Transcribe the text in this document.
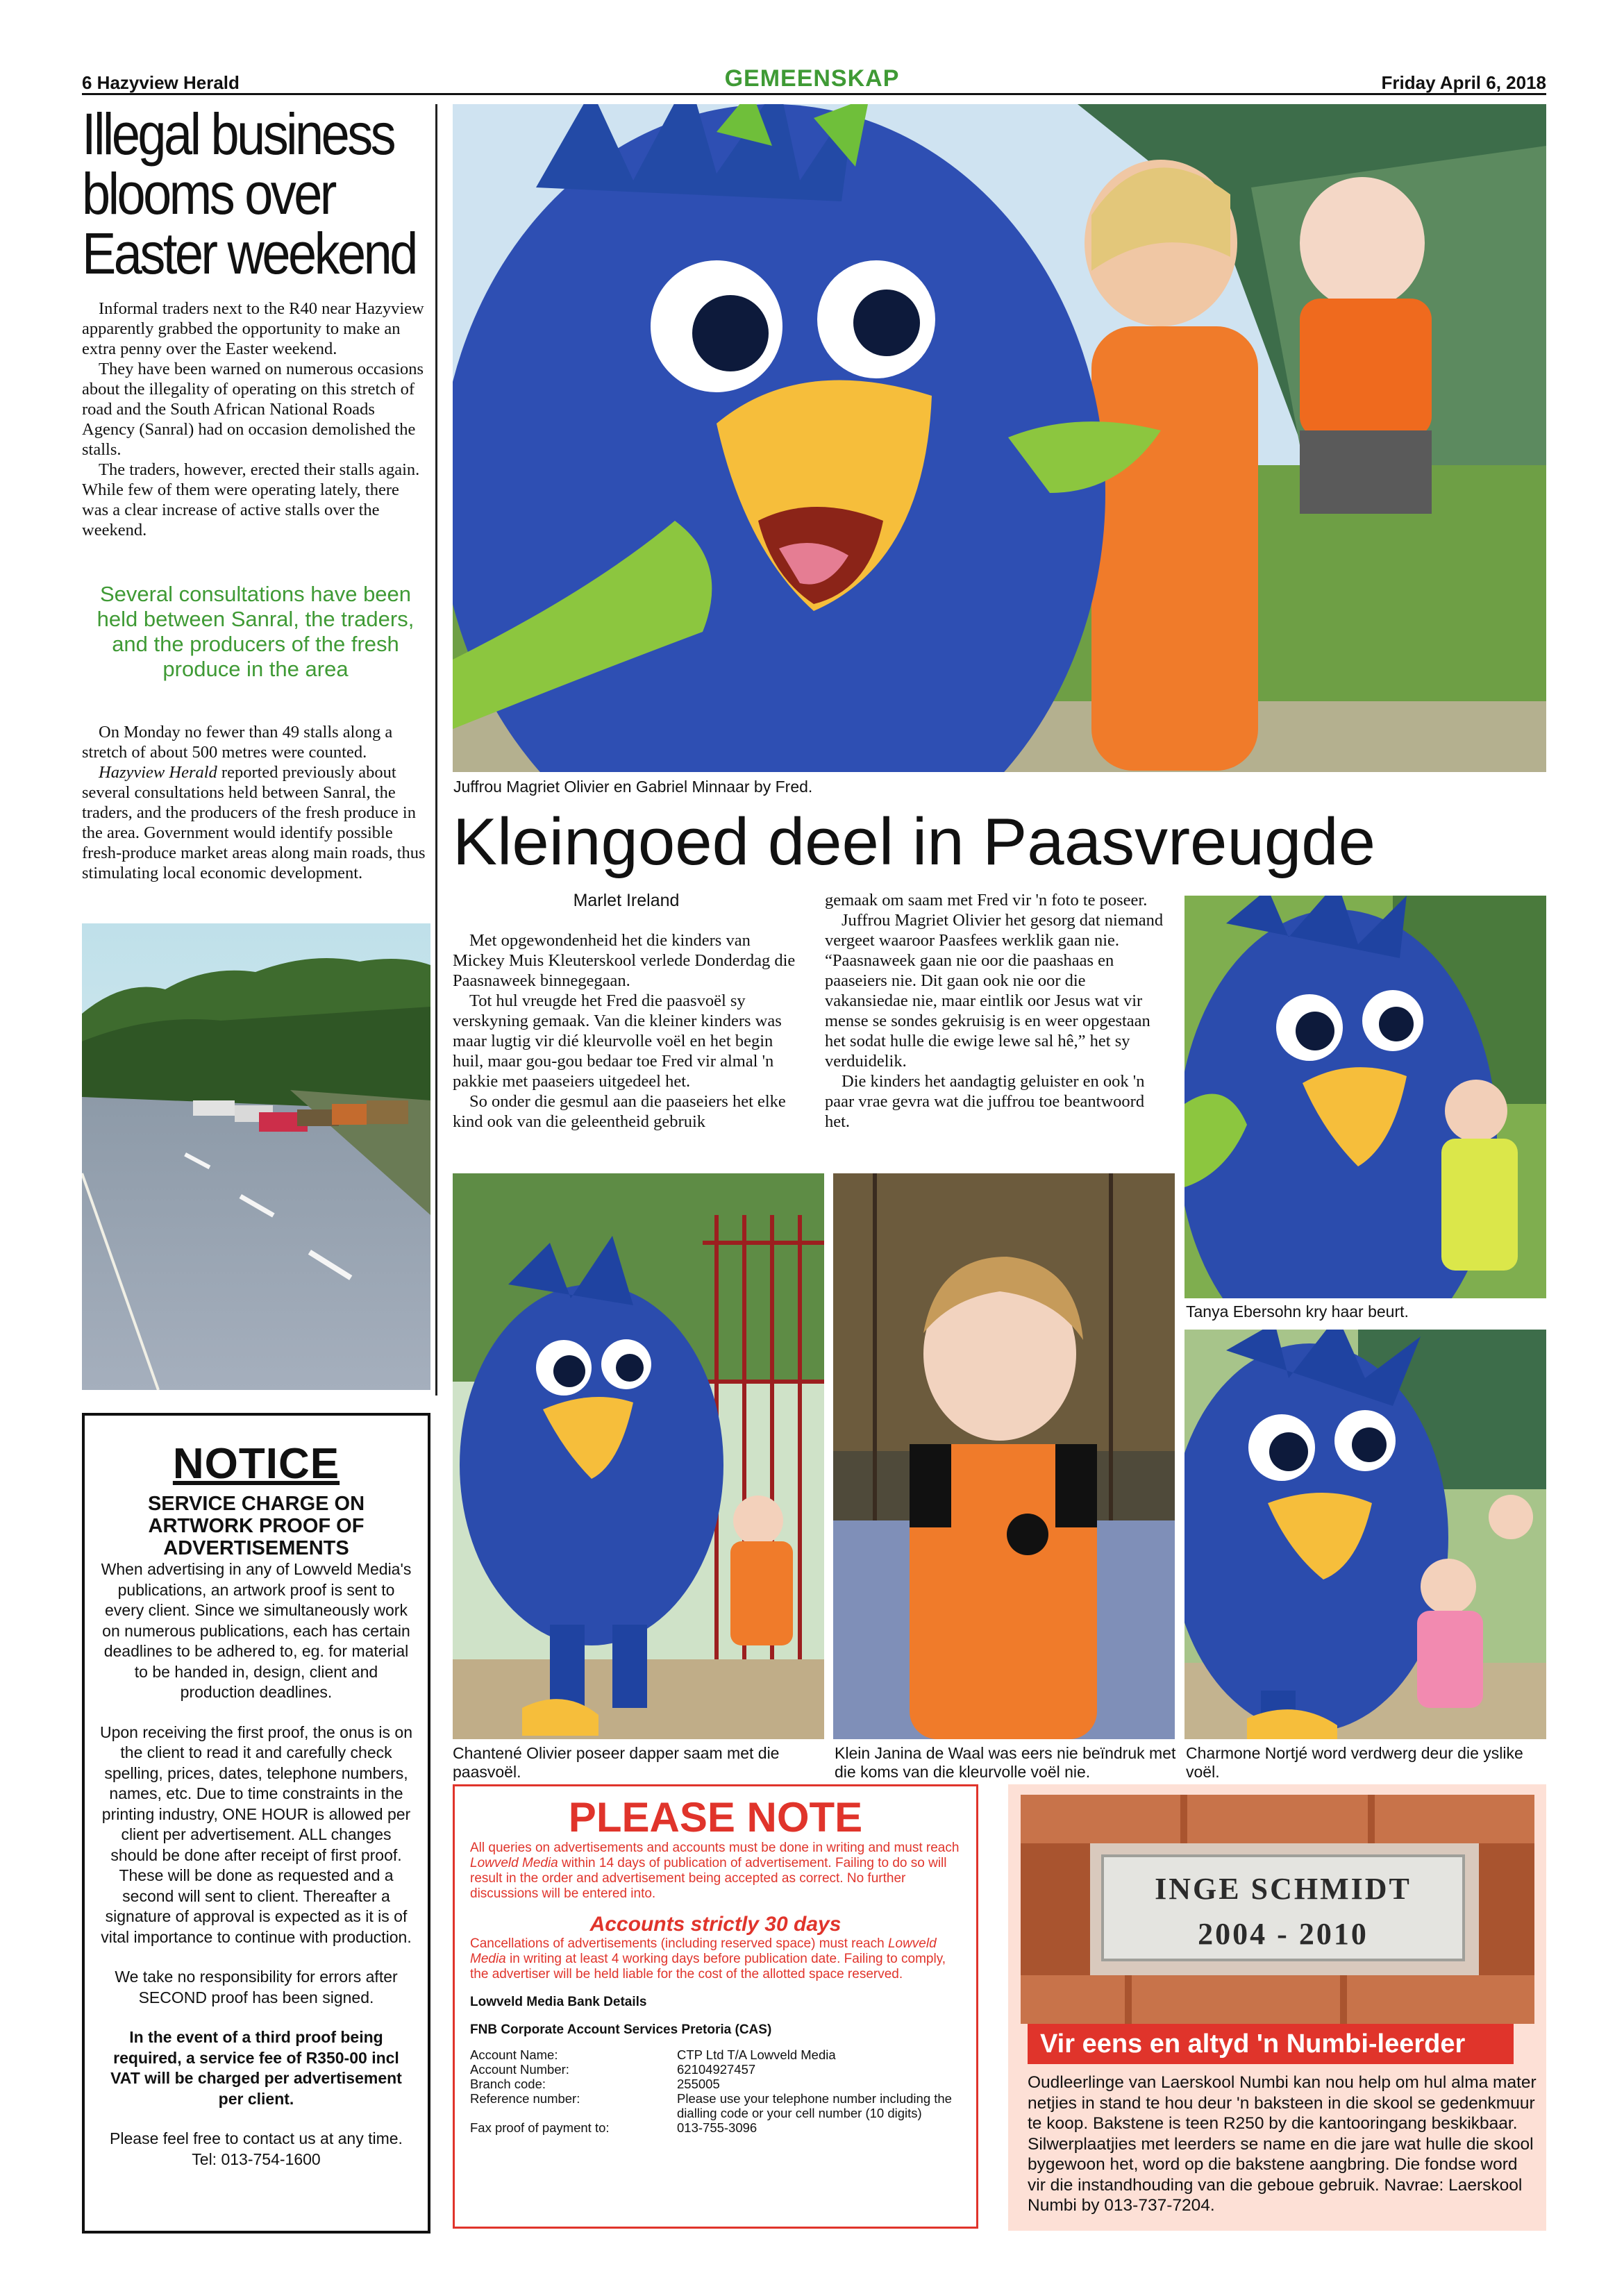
6 Hazyview Herald	GEMEENSKAP	Friday April 6, 2018
Illegal business
blooms over
Easter weekend

Informal traders next to the R40 near Hazyview apparently grabbed the opportunity to make an extra penny over the Easter weekend.

They have been warned on numerous occasions about the illegality of operating on this stretch of road and the South African National Roads Agency (Sanral) had on occasion demolished the stalls.

The traders, however, erected their stalls again. While few of them were operating lately, there was a clear increase of active stalls over the weekend.

Several consultations have been held between Sanral, the traders, and the producers of the fresh produce in the area

On Monday no fewer than 49 stalls along a stretch of about 500 metres were counted.

Hazyview Herald reported previously about several consultations held between Sanral, the traders, and the producers of the fresh produce in the area. Government would identify possible fresh-produce market areas along main roads, thus stimulating local economic development.

NOTICE
SERVICE CHARGE ON ARTWORK PROOF OF ADVERTISEMENTS

When advertising in any of Lowveld Media's publications, an artwork proof is sent to every client. Since we simultaneously work on numerous publications, each has certain deadlines to be adhered to, eg. for material to be handed in, design, client and production deadlines.

Upon receiving the first proof, the onus is on the client to read it and carefully check spelling, prices, dates, telephone numbers, names, etc. Due to time constraints in the printing industry, ONE HOUR is allowed per client per advertisement. ALL changes should be done after receipt of first proof. These will be done as requested and a second will sent to client. Thereafter a signature of approval is expected as it is of vital importance to continue with production.

We take no responsibility for errors after SECOND proof has been signed.

In the event of a third proof being required, a service fee of R350-00 incl VAT will be charged per advertisement per client.

Please feel free to contact us at any time. Tel: 013-754-1600

Juffrou Magriet Olivier en Gabriel Minnaar by Fred.
Kleingoed deel in Paasvreugde
Marlet Ireland

Met opgewondenheid het die kinders van Mickey Muis Kleuterskool verlede Donderdag die Paasnaweek binnegegaan.

Tot hul vreugde het Fred die paasvoël sy verskyning gemaak. Van die kleiner kinders was maar lugtig vir dié kleurvolle voël en het begin huil, maar gou-gou bedaar toe Fred vir almal 'n pakkie met paaseiers uitgedeel het.

So onder die gesmul aan die paaseiers het elke kind ook van die geleentheid gebruik

gemaak om saam met Fred vir 'n foto te poseer.

Juffrou Magriet Olivier het gesorg dat niemand vergeet waaroor Paasfees werklik gaan nie. “Paasnaweek gaan nie oor die paashaas en paaseiers nie. Dit gaan ook nie oor die vakansiedae nie, maar eintlik oor Jesus wat vir mense se sondes gekruisig is en weer opgestaan het sodat hulle die ewige lewe sal hê,” het sy verduidelik.

Die kinders het aandagtig geluister en ook 'n paar vrae gevra wat die juffrou toe beantwoord het.

Tanya Ebersohn kry haar beurt.
Chantené Olivier poseer dapper saam met die paasvoël.
Klein Janina de Waal was eers nie beïndruk met die koms van die kleurvolle voël nie.
Charmone Nortjé word verdwerg deur die yslike voël.
PLEASE NOTE

All queries on advertisements and accounts must be done in writing and must reach Lowveld Media within 14 days of publication of advertisement. Failing to do so will result in the order and advertisement being accepted as correct. No further discussions will be entered into.

Accounts strictly 30 days

Cancellations of advertisements (including reserved space) must reach Lowveld Media in writing at least 4 working days before publication date. Failing to comply, the advertiser will be held liable for the cost of the allotted space reserved.

Lowveld Media Bank Details
FNB Corporate Account Services Pretoria (CAS)
Account Name:	CTP Ltd T/A Lowveld Media
Account Number:	62104927457
Branch code:	255005
Reference number:	Please use your telephone number including the dialling code or your cell number (10 digits)
Fax proof of payment to:	013-755-3096
INGE SCHMIDT
2004 - 2010
Vir eens en altyd 'n Numbi-leerder
Oudleerlinge van Laerskool Numbi kan nou help om hul alma mater netjies in stand te hou deur 'n baksteen in die skool se gedenkmuur te koop. Bakstene is teen R250 by die kantooringang beskikbaar. Silwerplaatjies met leerders se name en die jare wat hulle die skool bygewoon het, word op die bakstene aangbring. Die fondse word vir die instandhouding van die geboue gebruik. Navrae: Laerskool Numbi by 013-737-7204.
